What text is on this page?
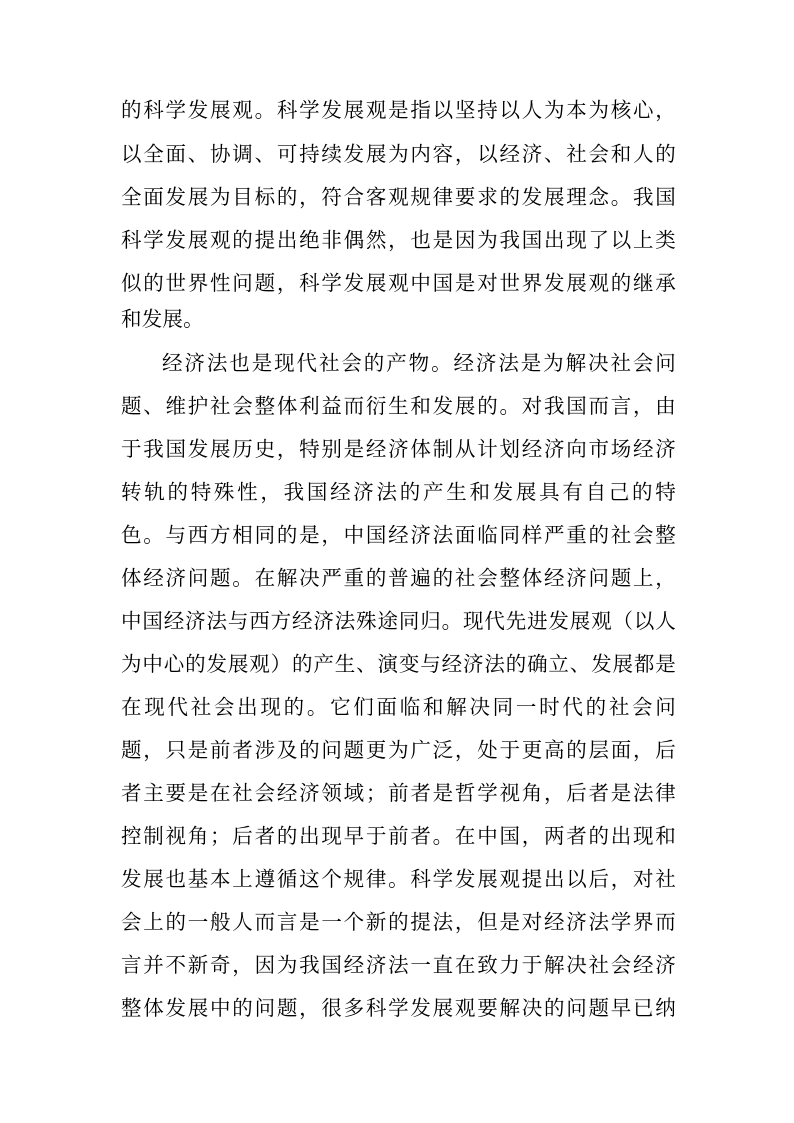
的科学发展观。科学发展观是指以坚持以人为本为核心，
以全面、协调、可持续发展为内容，以经济、社会和人的
全面发展为目标的，符合客观规律要求的发展理念。我国
科学发展观的提出绝非偶然，也是因为我国出现了以上类
似的世界性问题，科学发展观中国是对世界发展观的继承
和发展。
经济法也是现代社会的产物。经济法是为解决社会问
题、维护社会整体利益而衍生和发展的。对我国而言，由
于我国发展历史，特别是经济体制从计划经济向市场经济
转轨的特殊性，我国经济法的产生和发展具有自己的特
色。与西方相同的是，中国经济法面临同样严重的社会整
体经济问题。在解决严重的普遍的社会整体经济问题上，
中国经济法与西方经济法殊途同归。现代先进发展观（以人
为中心的发展观）的产生、演变与经济法的确立、发展都是
在现代社会出现的。它们面临和解决同一时代的社会问
题，只是前者涉及的问题更为广泛，处于更高的层面，后
者主要是在社会经济领域；前者是哲学视角，后者是法律
控制视角；后者的出现早于前者。在中国，两者的出现和
发展也基本上遵循这个规律。科学发展观提出以后，对社
会上的一般人而言是一个新的提法，但是对经济法学界而
言并不新奇，因为我国经济法一直在致力于解决社会经济
整体发展中的问题，很多科学发展观要解决的问题早已纳
